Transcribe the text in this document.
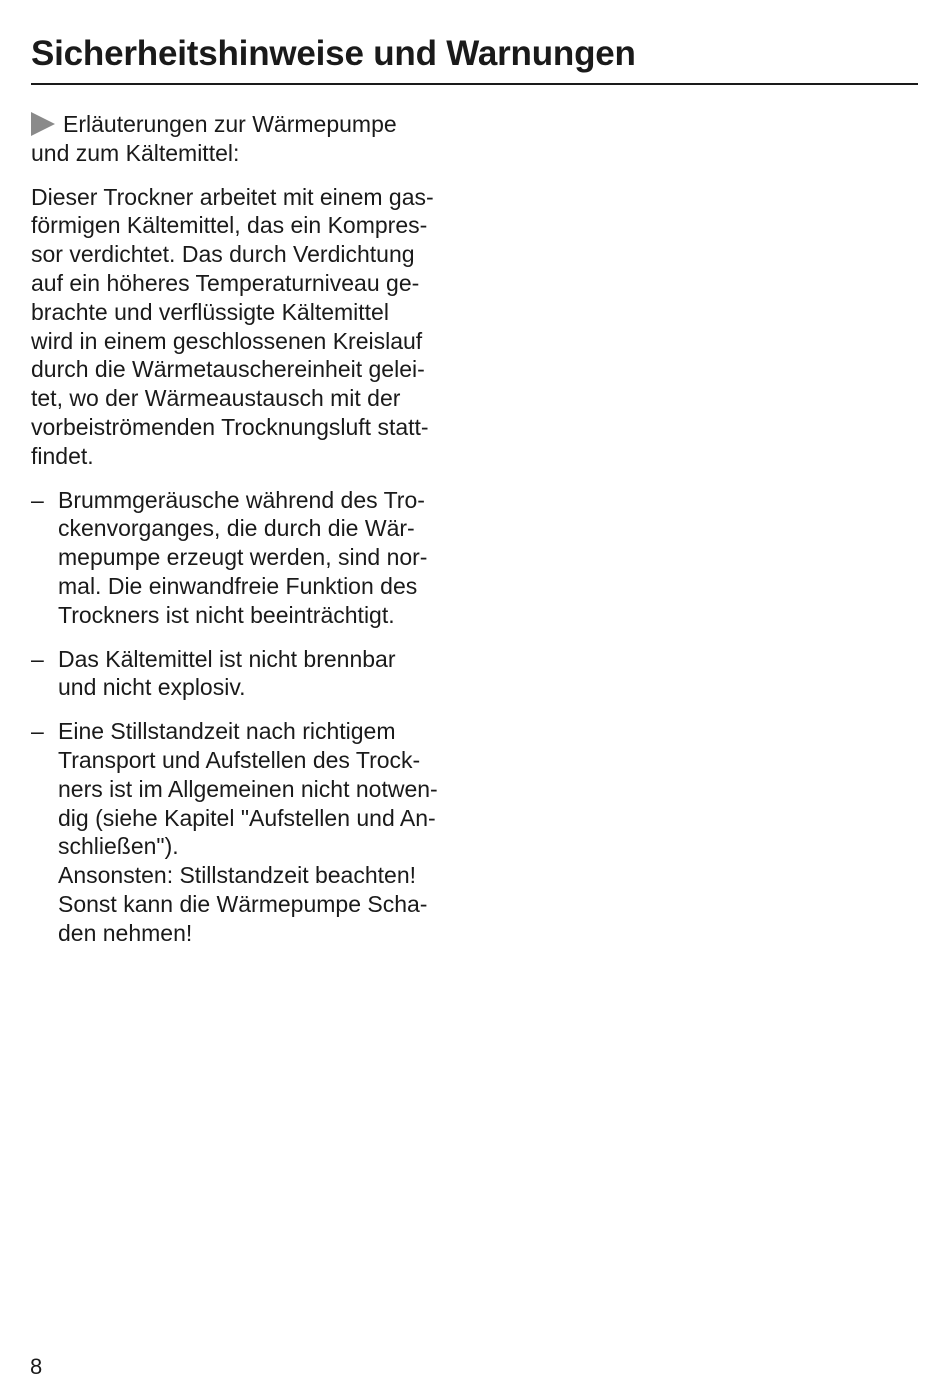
Sicherheitshinweise und Warnungen
Erläuterungen zur Wärmepumpe
und zum Kältemittel:
Dieser Trockner arbeitet mit einem gas-
förmigen Kältemittel, das ein Kompres-
sor verdichtet. Das durch Verdichtung
auf ein höheres Temperaturniveau ge-
brachte und verflüssigte Kältemittel
wird in einem geschlossenen Kreislauf
durch die Wärmetauschereinheit gelei-
tet, wo der Wärmeaustausch mit der
vorbeiströmenden Trocknungsluft statt-
findet.
– Brummgeräusche während des Tro-
ckenvorganges, die durch die Wär-
mepumpe erzeugt werden, sind nor-
mal. Die einwandfreie Funktion des
Trockners ist nicht beeinträchtigt.
– Das Kältemittel ist nicht brennbar
und nicht explosiv.
– Eine Stillstandzeit nach richtigem
Transport und Aufstellen des Trock-
ners ist im Allgemeinen nicht notwen-
dig (siehe Kapitel "Aufstellen und An-
schließen").
Ansonsten: Stillstandzeit beachten!
Sonst kann die Wärmepumpe Scha-
den nehmen!
8
